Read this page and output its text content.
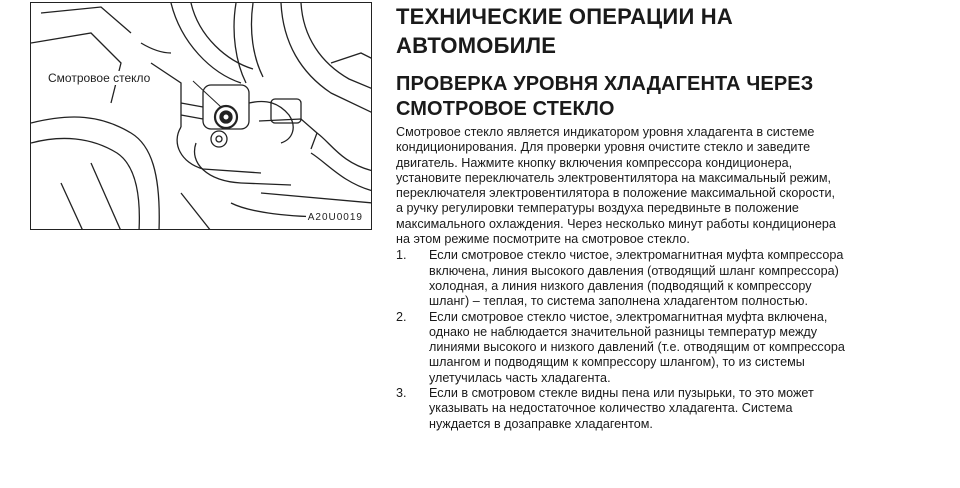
Смотровое стекло
A20U0019
ТЕХНИЧЕСКИЕ ОПЕРАЦИИ НА
АВТОМОБИЛЕ
ПРОВЕРКА УРОВНЯ ХЛАДАГЕНТА ЧЕРЕЗ
СМОТРОВОЕ СТЕКЛО
Смотровое стекло является индикатором уровня хладагента в системе
кондиционирования. Для проверки уровня очистите стекло и заведите
двигатель. Нажмите кнопку включения компрессора кондиционера,
установите переключатель электровентилятора на максимальный режим,
переключателя электровентилятора в положение максимальной скорости,
а ручку регулировки температуры воздуха передвиньте в положение
максимального охлаждения. Через несколько минут работы кондиционера
на этом режиме посмотрите на смотровое стекло.
1. Если смотровое стекло чистое, электромагнитная муфта компрессора
включена, линия высокого давления (отводящий шланг компрессора)
холодная, а линия низкого давления (подводящий к компрессору
шланг) – теплая, то система заполнена хладагентом полностью.
2. Если смотровое стекло чистое, электромагнитная муфта включена,
однако не наблюдается значительной разницы температур между
линиями высокого и низкого давлений (т.е. отводящим от компрессора
шлангом и подводящим к компрессору шлангом), то из системы
улетучилась часть хладагента.
3. Если в смотровом стекле видны пена или пузырьки, то это может
указывать на недостаточное количество хладагента. Система
нуждается в дозаправке хладагентом.
